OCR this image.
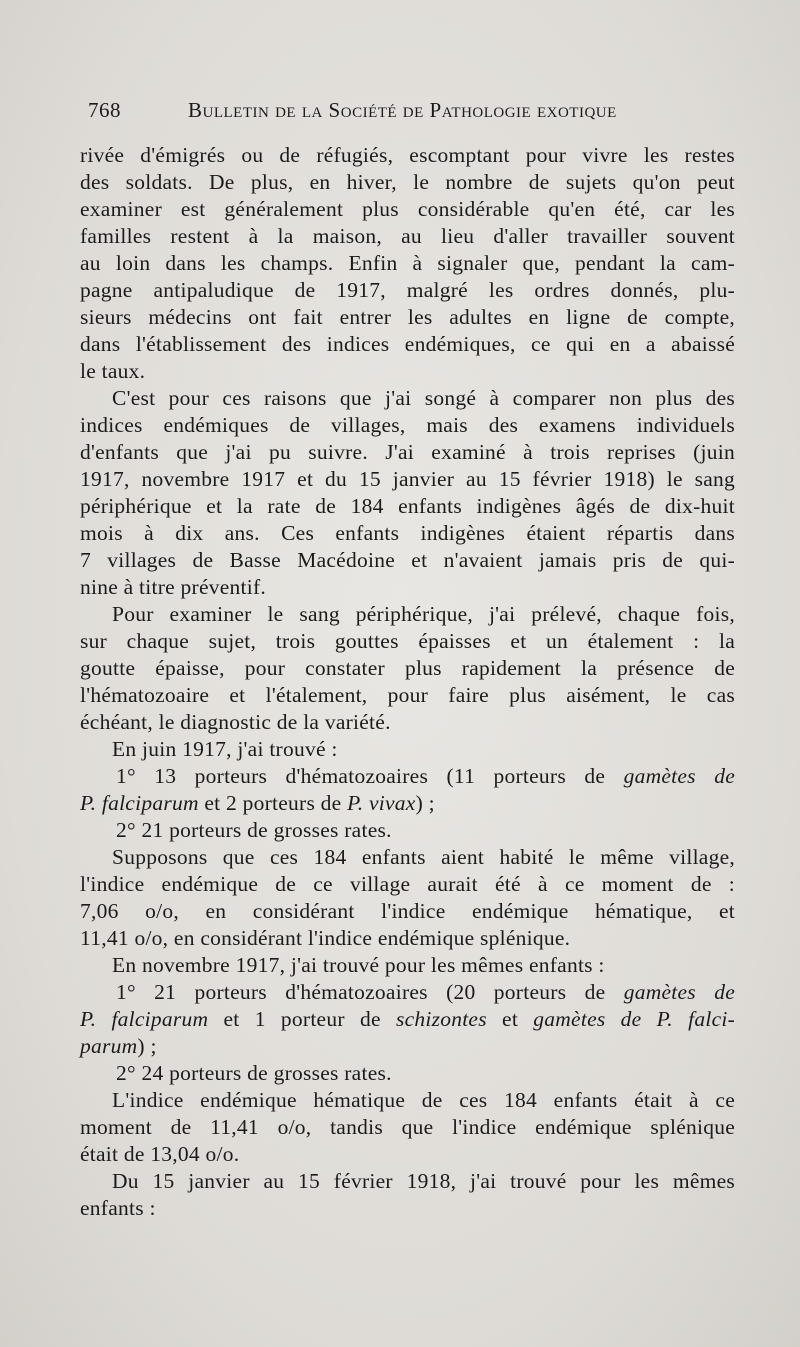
768	Bulletin de la Société de Pathologie exotique
rivée d'émigrés ou de réfugiés, escomptant pour vivre les restes
des soldats. De plus, en hiver, le nombre de sujets qu'on peut
examiner est généralement plus considérable qu'en été, car les
familles restent à la maison, au lieu d'aller travailler souvent
au loin dans les champs. Enfin à signaler que, pendant la cam-
pagne antipaludique de 1917, malgré les ordres donnés, plu-
sieurs médecins ont fait entrer les adultes en ligne de compte,
dans l'établissement des indices endémiques, ce qui en a abaissé
le taux.
C'est pour ces raisons que j'ai songé à comparer non plus des
indices endémiques de villages, mais des examens individuels
d'enfants que j'ai pu suivre. J'ai examiné à trois reprises (juin
1917, novembre 1917 et du 15 janvier au 15 février 1918) le sang
périphérique et la rate de 184 enfants indigènes âgés de dix-huit
mois à dix ans. Ces enfants indigènes étaient répartis dans
7 villages de Basse Macédoine et n'avaient jamais pris de qui-
nine à titre préventif.
Pour examiner le sang périphérique, j'ai prélevé, chaque fois,
sur chaque sujet, trois gouttes épaisses et un étalement : la
goutte épaisse, pour constater plus rapidement la présence de
l'hématozoaire et l'étalement, pour faire plus aisément, le cas
échéant, le diagnostic de la variété.
En juin 1917, j'ai trouvé :
1° 13 porteurs d'hématozoaires (11 porteurs de gamètes de
P. falciparum et 2 porteurs de P. vivax) ;
2° 21 porteurs de grosses rates.
Supposons que ces 184 enfants aient habité le même village,
l'indice endémique de ce village aurait été à ce moment de :
7,06 o/o, en considérant l'indice endémique hématique, et
11,41 o/o, en considérant l'indice endémique splénique.
En novembre 1917, j'ai trouvé pour les mêmes enfants :
1° 21 porteurs d'hématozoaires (20 porteurs de gamètes de
P. falciparum et 1 porteur de schizontes et gamètes de P. falci-
parum) ;
2° 24 porteurs de grosses rates.
L'indice endémique hématique de ces 184 enfants était à ce
moment de 11,41 o/o, tandis que l'indice endémique splénique
était de 13,04 o/o.
Du 15 janvier au 15 février 1918, j'ai trouvé pour les mêmes
enfants :
